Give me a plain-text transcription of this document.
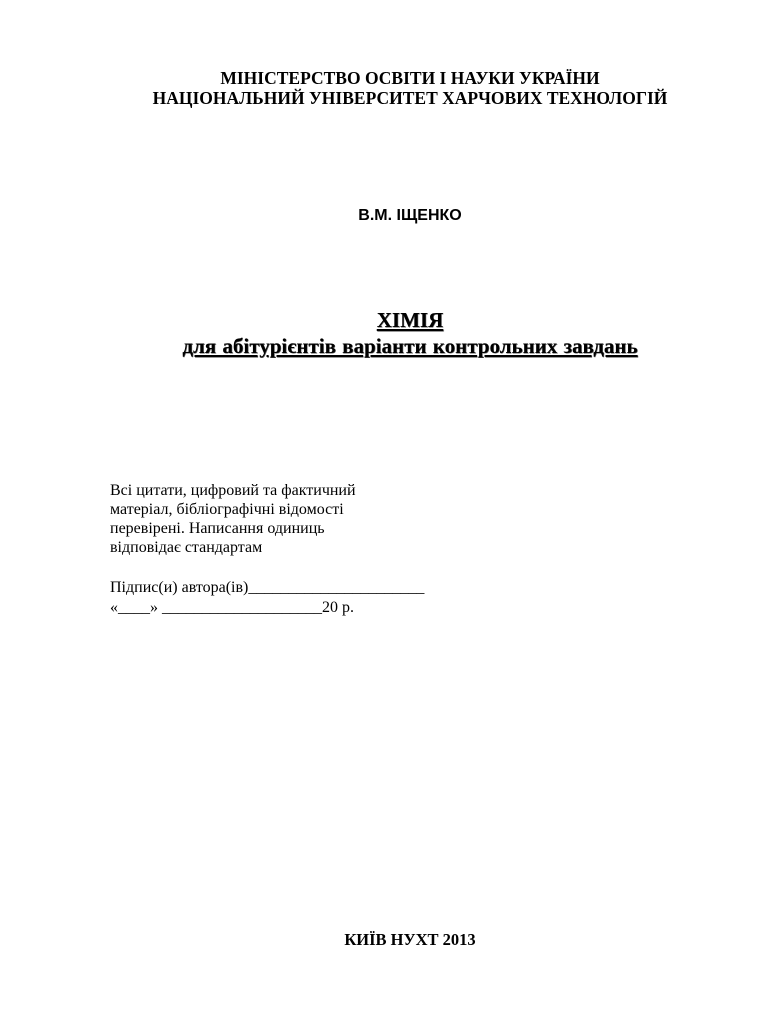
МІНІСТЕРСТВО ОСВІТИ І НАУКИ УКРАЇНИ
НАЦІОНАЛЬНИЙ УНІВЕРСИТЕТ ХАРЧОВИХ ТЕХНОЛОГІЙ
В.М. ІЩЕНКО
ХІМІЯ
для абітурієнтів варіанти контрольних завдань
Всі цитати, цифровий та фактичний
матеріал, бібліографічні відомості
перевірені. Написання одиниць
відповідає стандартам
Підпис(и) автора(ів)______________________
«____» ____________________20 р.
КИЇВ НУХТ 2013
